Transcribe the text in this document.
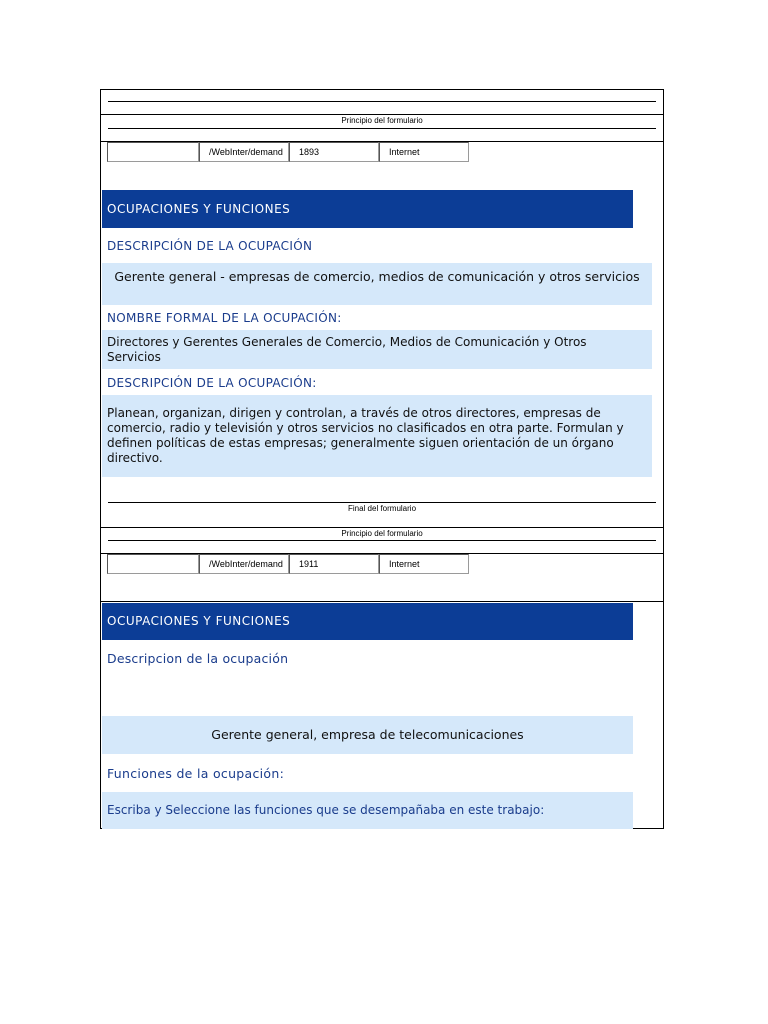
Principio del formulario
/WebInter/demand	1893	Internet
OCUPACIONES Y FUNCIONES
DESCRIPCIÓN DE LA OCUPACIÓN
Gerente general - empresas de comercio, medios de comunicación y otros servicios
NOMBRE FORMAL DE LA OCUPACIÓN:
Directores y Gerentes Generales de Comercio, Medios de Comunicación y Otros Servicios
DESCRIPCIÓN DE LA OCUPACIÓN:
Planean, organizan, dirigen y controlan, a través de otros directores, empresas de comercio, radio y televisión y otros servicios no clasificados en otra parte. Formulan y definen políticas de estas empresas; generalmente siguen orientación de un órgano directivo.
Final del formulario
Principio del formulario
/WebInter/demand	1911	Internet
OCUPACIONES Y FUNCIONES
Descripcion de la ocupación
Gerente general, empresa de telecomunicaciones
Funciones de la ocupación:
Escriba y Seleccione las funciones que se desempañaba en este trabajo:
